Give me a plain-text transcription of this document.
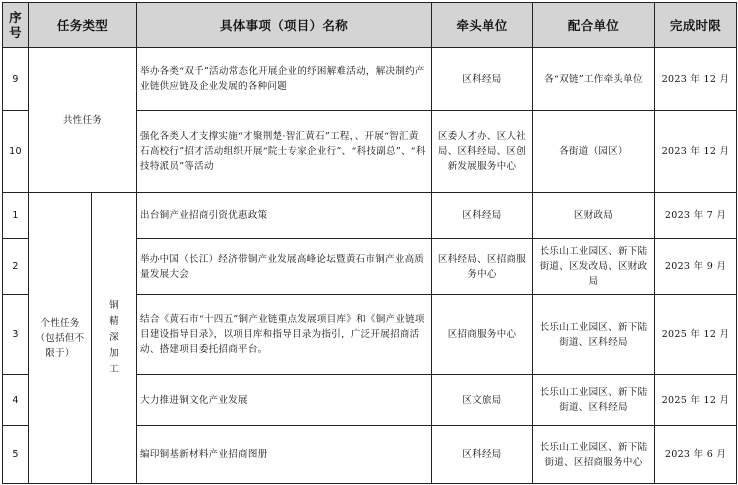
序号	任务类型		具体事项（项目）名称	牵头单位	配合单位	完成时限
9	共性任务		举办各类“双千”活动常态化开展企业的纾困解难活动，解决制约产业链供应链及企业发展的各种问题	区科经局	各“双链”工作牵头单位	2023 年 12 月
10			强化各类人才支撑实施“才聚荆楚·智汇黄石”工程，、开展“智汇黄石高校行”招才活动组织开展“院士专家企业行”、“科技副总”、“科技特派员”等活动	区委人才办、区人社局、区科经局、区创新发展服务中心	各街道（园区）	2023 年 12 月
1	个性任务（包括但不限于）	铜精深加工	出台铜产业招商引资优惠政策	区科经局	区财政局	2023 年 7 月
2			举办中国（长江）经济带铜产业发展高峰论坛暨黄石市铜产业高质量发展大会	区科经局、区招商服务中心	长乐山工业园区、新下陆街道、区发改局、区财政局	2023 年 9 月
3			结合《黄石市“十四五”铜产业链重点发展项目库》和《铜产业链项目建设指导目录》，以项目库和指导目录为指引，广泛开展招商活动、搭建项目委托招商平台。	区招商服务中心	长乐山工业园区、新下陆街道、区科经局	2025 年 12 月
4			大力推进铜文化产业发展	区文旅局	长乐山工业园区、新下陆街道、区科经局	2025 年 12 月
5			编印铜基新材料产业招商图册	区科经局	长乐山工业园区、新下陆街道、区招商服务中心	2023 年 6 月
